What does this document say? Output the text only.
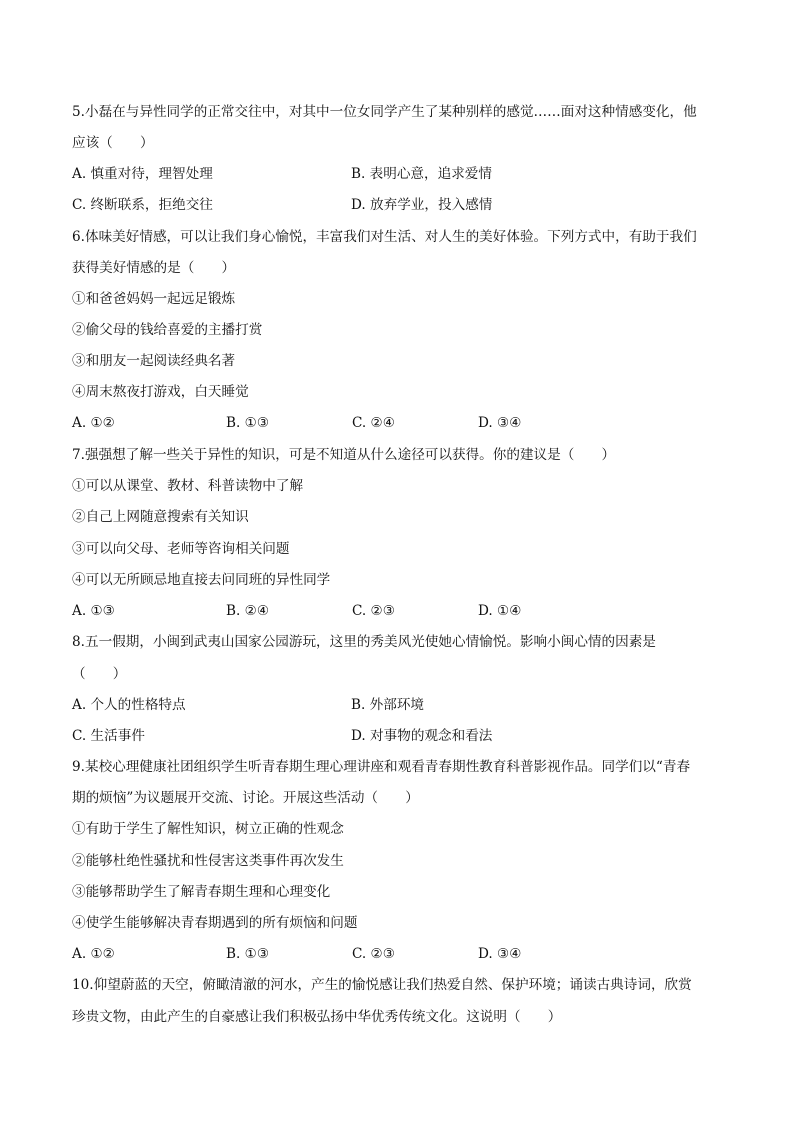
5.小磊在与异性同学的正常交往中，对其中一位女同学产生了某种别样的感觉……面对这种情感变化，他
应该（　　）
A. 慎重对待，理智处理	B. 表明心意，追求爱情
C. 终断联系，拒绝交往	D. 放弃学业，投入感情
6.体味美好情感，可以让我们身心愉悦，丰富我们对生活、对人生的美好体验。下列方式中，有助于我们
获得美好情感的是（　　）
①和爸爸妈妈一起远足锻炼
②偷父母的钱给喜爱的主播打赏
③和朋友一起阅读经典名著
④周末熬夜打游戏，白天睡觉
A. ①②	B. ①③	C. ②④	D. ③④
7.强强想了解一些关于异性的知识，可是不知道从什么途径可以获得。你的建议是（　　）
①可以从课堂、教材、科普读物中了解
②自己上网随意搜索有关知识
③可以向父母、老师等咨询相关问题
④可以无所顾忌地直接去问同班的异性同学
A. ①③	B. ②④	C. ②③	D. ①④
8.五一假期，小闽到武夷山国家公园游玩，这里的秀美风光使她心情愉悦。影响小闽心情的因素是
（　　）
A. 个人的性格特点	B. 外部环境
C. 生活事件	D. 对事物的观念和看法
9.某校心理健康社团组织学生听青春期生理心理讲座和观看青春期性教育科普影视作品。同学们以“青春
期的烦恼”为议题展开交流、讨论。开展这些活动（　　）
①有助于学生了解性知识，树立正确的性观念
②能够杜绝性骚扰和性侵害这类事件再次发生
③能够帮助学生了解青春期生理和心理变化
④使学生能够解决青春期遇到的所有烦恼和问题
A. ①②	B. ①③	C. ②③	D. ③④
10.仰望蔚蓝的天空，俯瞰清澈的河水，产生的愉悦感让我们热爱自然、保护环境；诵读古典诗词，欣赏
珍贵文物，由此产生的自豪感让我们积极弘扬中华优秀传统文化。这说明（　　）
